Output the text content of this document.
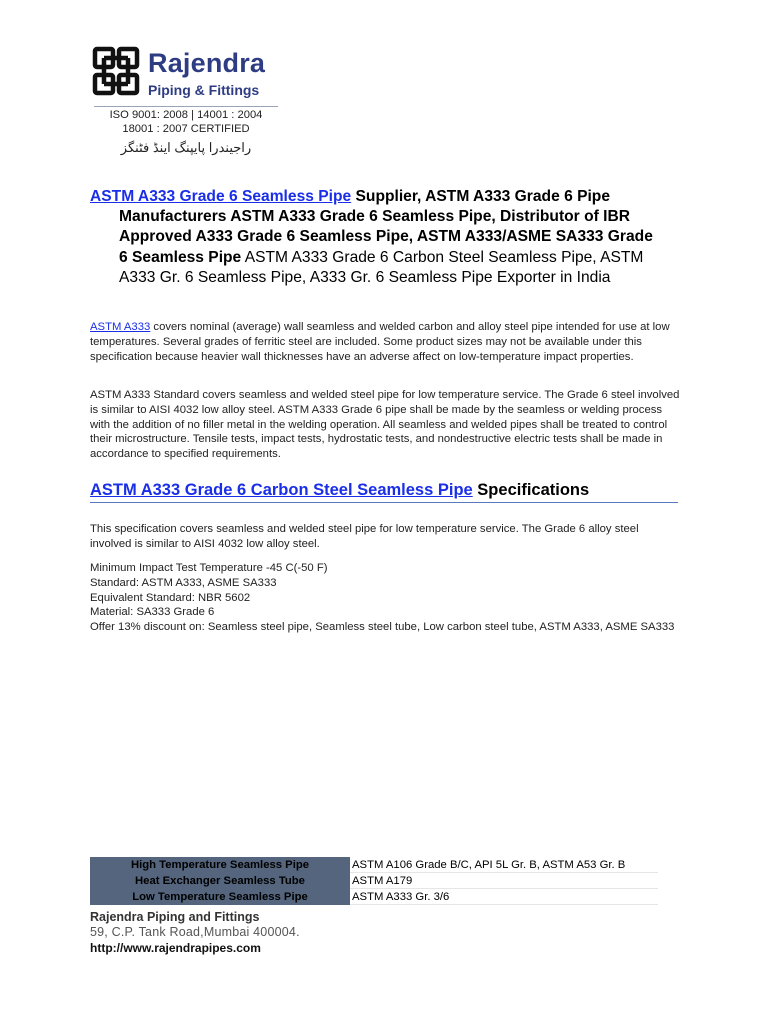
Rajendra
Piping & Fittings
ISO 9001: 2008 | 14001 : 2004
18001 : 2007 CERTIFIED
راجیندرا پایپنگ اینڈ فٹنگز
ASTM A333 Grade 6 Seamless Pipe Supplier, ASTM A333 Grade 6 Pipe
Manufacturers ASTM A333 Grade 6 Seamless Pipe, Distributor of IBR Approved A333 Grade 6 Seamless Pipe, ASTM A333/ASME SA333 Grade 6 Seamless Pipe ASTM A333 Grade 6 Carbon Steel Seamless Pipe, ASTM A333 Gr. 6 Seamless Pipe, A333 Gr. 6 Seamless Pipe Exporter in India

ASTM A333 covers nominal (average) wall seamless and welded carbon and alloy steel pipe intended for use at low temperatures. Several grades of ferritic steel are included. Some product sizes may not be available under this specification because heavier wall thicknesses have an adverse affect on low-temperature impact properties.

ASTM A333 Standard covers seamless and welded steel pipe for low temperature service. The Grade 6 steel involved is similar to AISI 4032 low alloy steel. ASTM A333 Grade 6 pipe shall be made by the seamless or welding process with the addition of no filler metal in the welding operation. All seamless and welded pipes shall be treated to control their microstructure. Tensile tests, impact tests, hydrostatic tests, and nondestructive electric tests shall be made in accordance to specified requirements.

ASTM A333 Grade 6 Carbon Steel Seamless Pipe Specifications

This specification covers seamless and welded steel pipe for low temperature service. The Grade 6 alloy steel involved is similar to AISI 4032 low alloy steel.

Minimum Impact Test Temperature -45 C(-50 F)
Standard: ASTM A333, ASME SA333
Equivalent Standard: NBR 5602
Material: SA333 Grade 6
Offer 13% discount on: Seamless steel pipe, Seamless steel tube, Low carbon steel tube, ASTM A333, ASME SA333
High Temperature Seamless Pipe	ASTM A106 Grade B/C, API 5L Gr. B, ASTM A53 Gr. B
Heat Exchanger Seamless Tube	ASTM A179
Low Temperature Seamless Pipe	ASTM A333 Gr. 3/6
Rajendra Piping and Fittings
59, C.P. Tank Road,Mumbai 400004.
http://www.rajendrapipes.com
